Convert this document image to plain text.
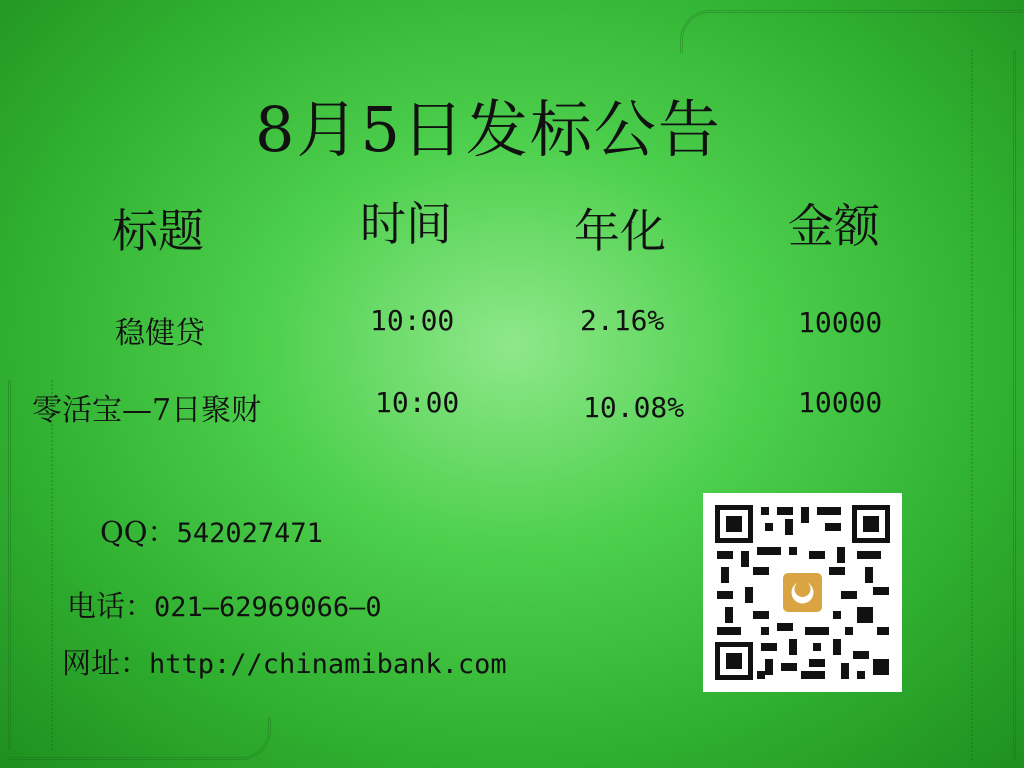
8月5日发标公告
标题	时间	年化	金额
稳健贷	10:00	2.16%	10000
零活宝—7日聚财	10:00	10.08%	10000
QQ：542027471
电话：021—62969066—0
网址：http://chinamibank.com
